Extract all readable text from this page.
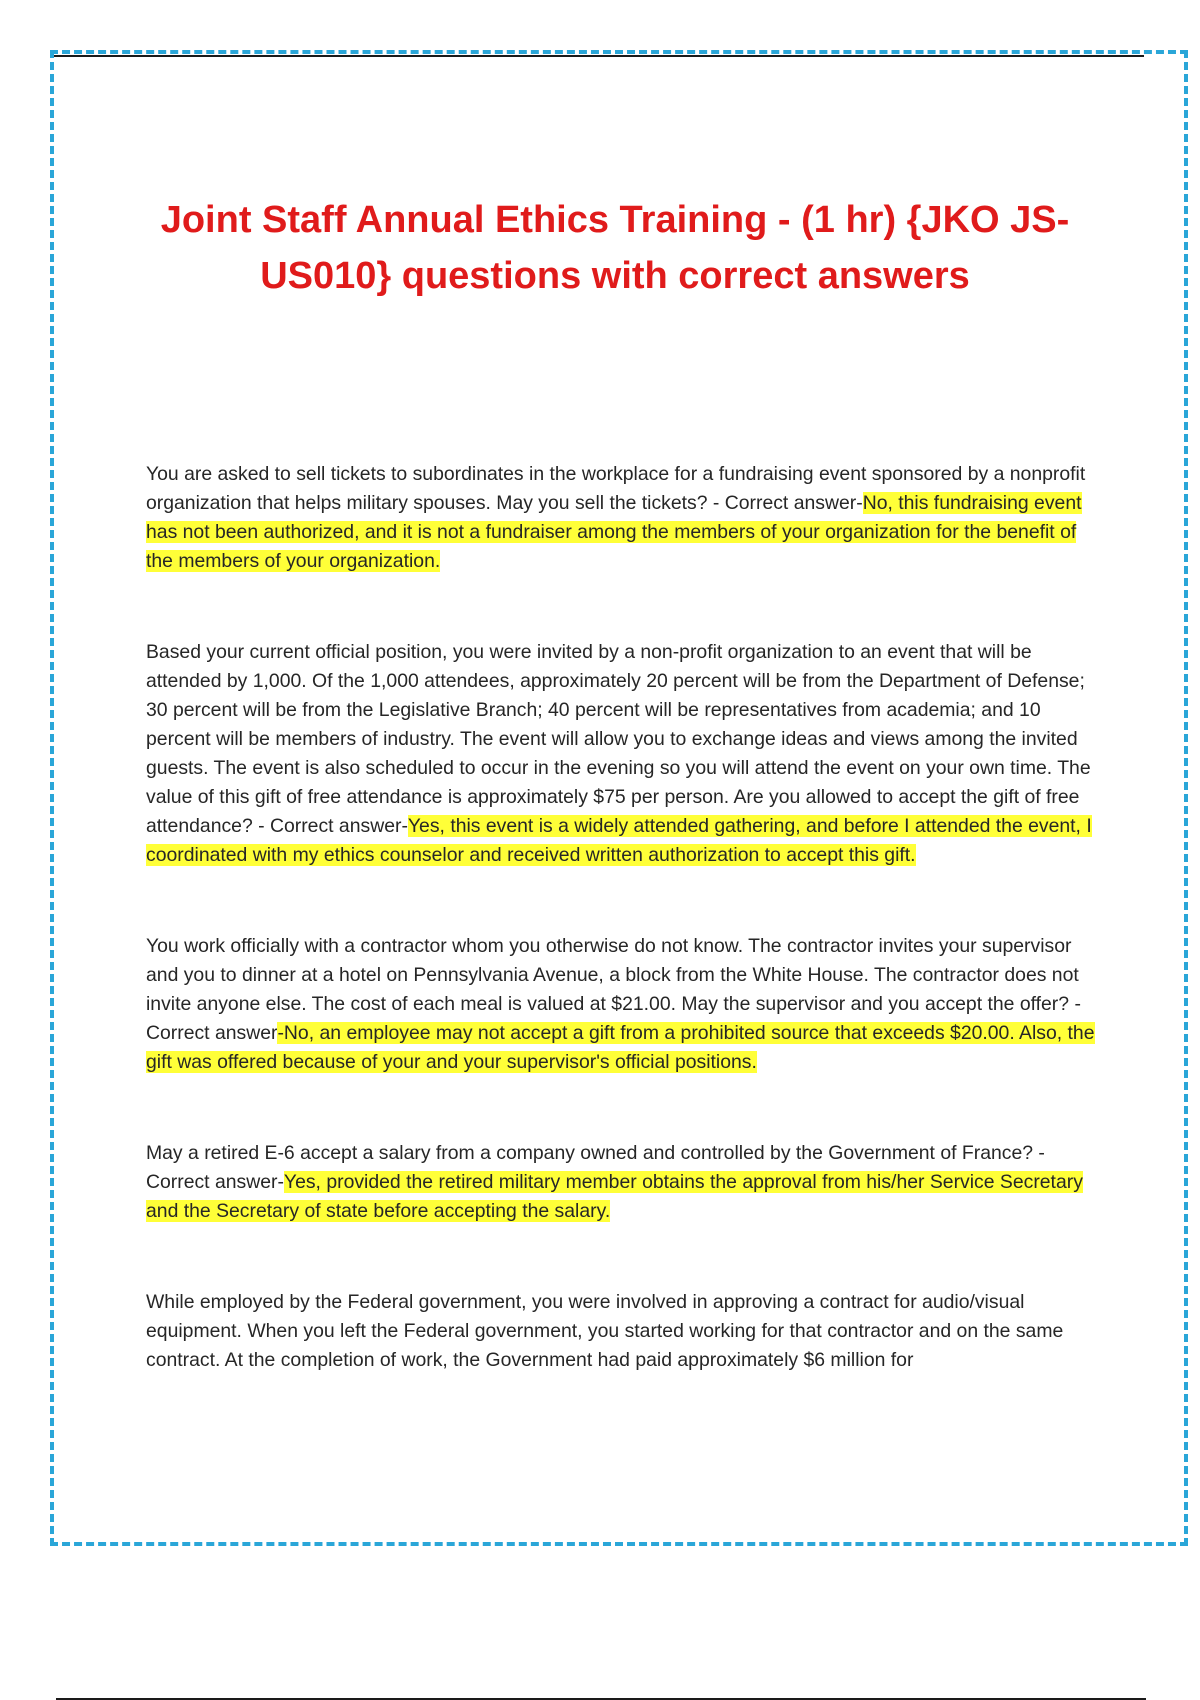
Joint Staff Annual Ethics Training - (1 hr) {JKO JS-US010} questions with correct answers

You are asked to sell tickets to subordinates in the workplace for a fundraising event sponsored by a nonprofit organization that helps military spouses. May you sell the tickets? - Correct answer-No, this fundraising event has not been authorized, and it is not a fundraiser among the members of your organization for the benefit of the members of your organization.

Based your current official position, you were invited by a non-profit organization to an event that will be attended by 1,000. Of the 1,000 attendees, approximately 20 percent will be from the Department of Defense; 30 percent will be from the Legislative Branch; 40 percent will be representatives from academia; and 10 percent will be members of industry. The event will allow you to exchange ideas and views among the invited guests. The event is also scheduled to occur in the evening so you will attend the event on your own time. The value of this gift of free attendance is approximately $75 per person. Are you allowed to accept the gift of free attendance? - Correct answer-Yes, this event is a widely attended gathering, and before I attended the event, I coordinated with my ethics counselor and received written authorization to accept this gift.

You work officially with a contractor whom you otherwise do not know. The contractor invites your supervisor and you to dinner at a hotel on Pennsylvania Avenue, a block from the White House. The contractor does not invite anyone else. The cost of each meal is valued at $21.00. May the supervisor and you accept the offer? - Correct answer-No, an employee may not accept a gift from a prohibited source that exceeds $20.00. Also, the gift was offered because of your and your supervisor's official positions.

May a retired E-6 accept a salary from a company owned and controlled by the Government of France? - Correct answer-Yes, provided the retired military member obtains the approval from his/her Service Secretary and the Secretary of state before accepting the salary.

While employed by the Federal government, you were involved in approving a contract for audio/visual equipment. When you left the Federal government, you started working for that contractor and on the same contract. At the completion of work, the Government had paid approximately $6 million for
